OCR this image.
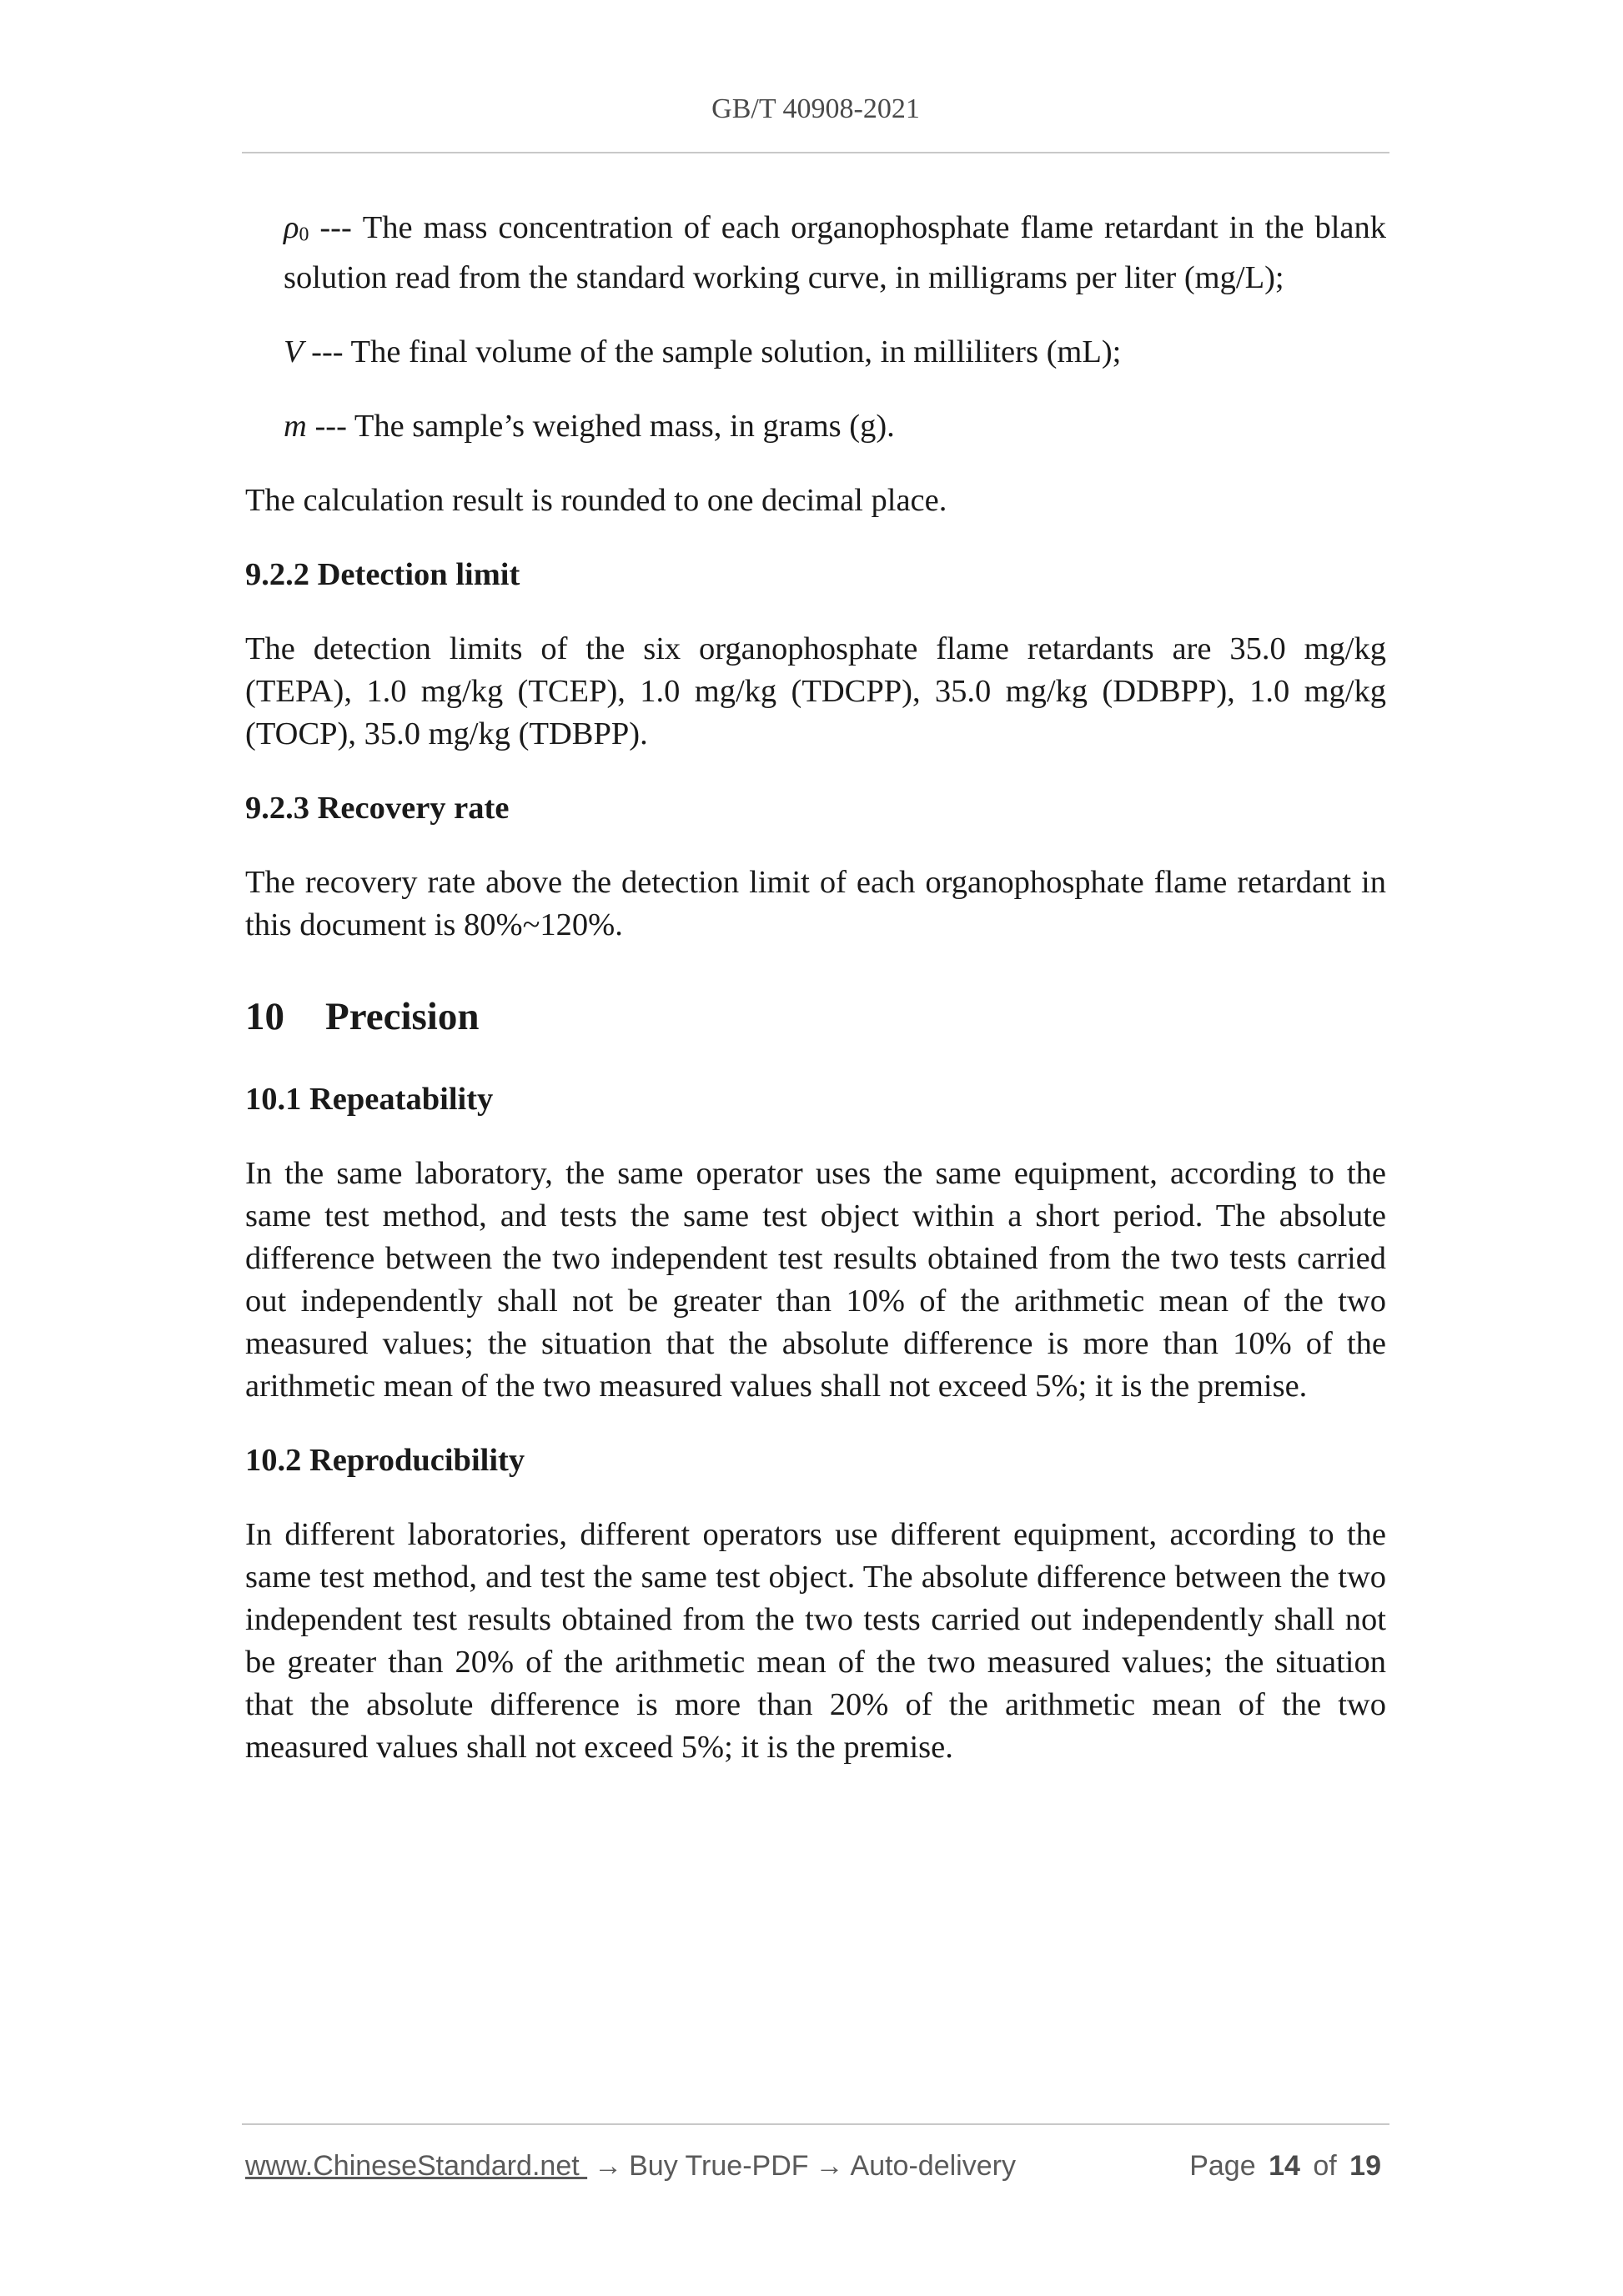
GB/T 40908-2021

ρ0 --- The mass concentration of each organophosphate flame retardant in the blank solution read from the standard working curve, in milligrams per liter (mg/L);

V --- The final volume of the sample solution, in milliliters (mL);

m --- The sample’s weighed mass, in grams (g).

The calculation result is rounded to one decimal place.

9.2.2 Detection limit

The detection limits of the six organophosphate flame retardants are 35.0 mg/kg (TEPA), 1.0 mg/kg (TCEP), 1.0 mg/kg (TDCPP), 35.0 mg/kg (DDBPP), 1.0 mg/kg (TOCP), 35.0 mg/kg (TDBPP).

9.2.3 Recovery rate

The recovery rate above the detection limit of each organophosphate flame retardant in this document is 80%~120%.

10 Precision
10.1 Repeatability

In the same laboratory, the same operator uses the same equipment, according to the same test method, and tests the same test object within a short period. The absolute difference between the two independent test results obtained from the two tests carried out independently shall not be greater than 10% of the arithmetic mean of the two measured values; the situation that the absolute difference is more than 10% of the arithmetic mean of the two measured values shall not exceed 5%; it is the premise.

10.2 Reproducibility

In different laboratories, different operators use different equipment, according to the same test method, and test the same test object. The absolute difference between the two independent test results obtained from the two tests carried out independently shall not be greater than 20% of the arithmetic mean of the two measured values; the situation that the absolute difference is more than 20% of the arithmetic mean of the two measured values shall not exceed 5%; it is the premise.

www.ChineseStandard.net → Buy True-PDF → Auto-delivery	Page 14 of 19
